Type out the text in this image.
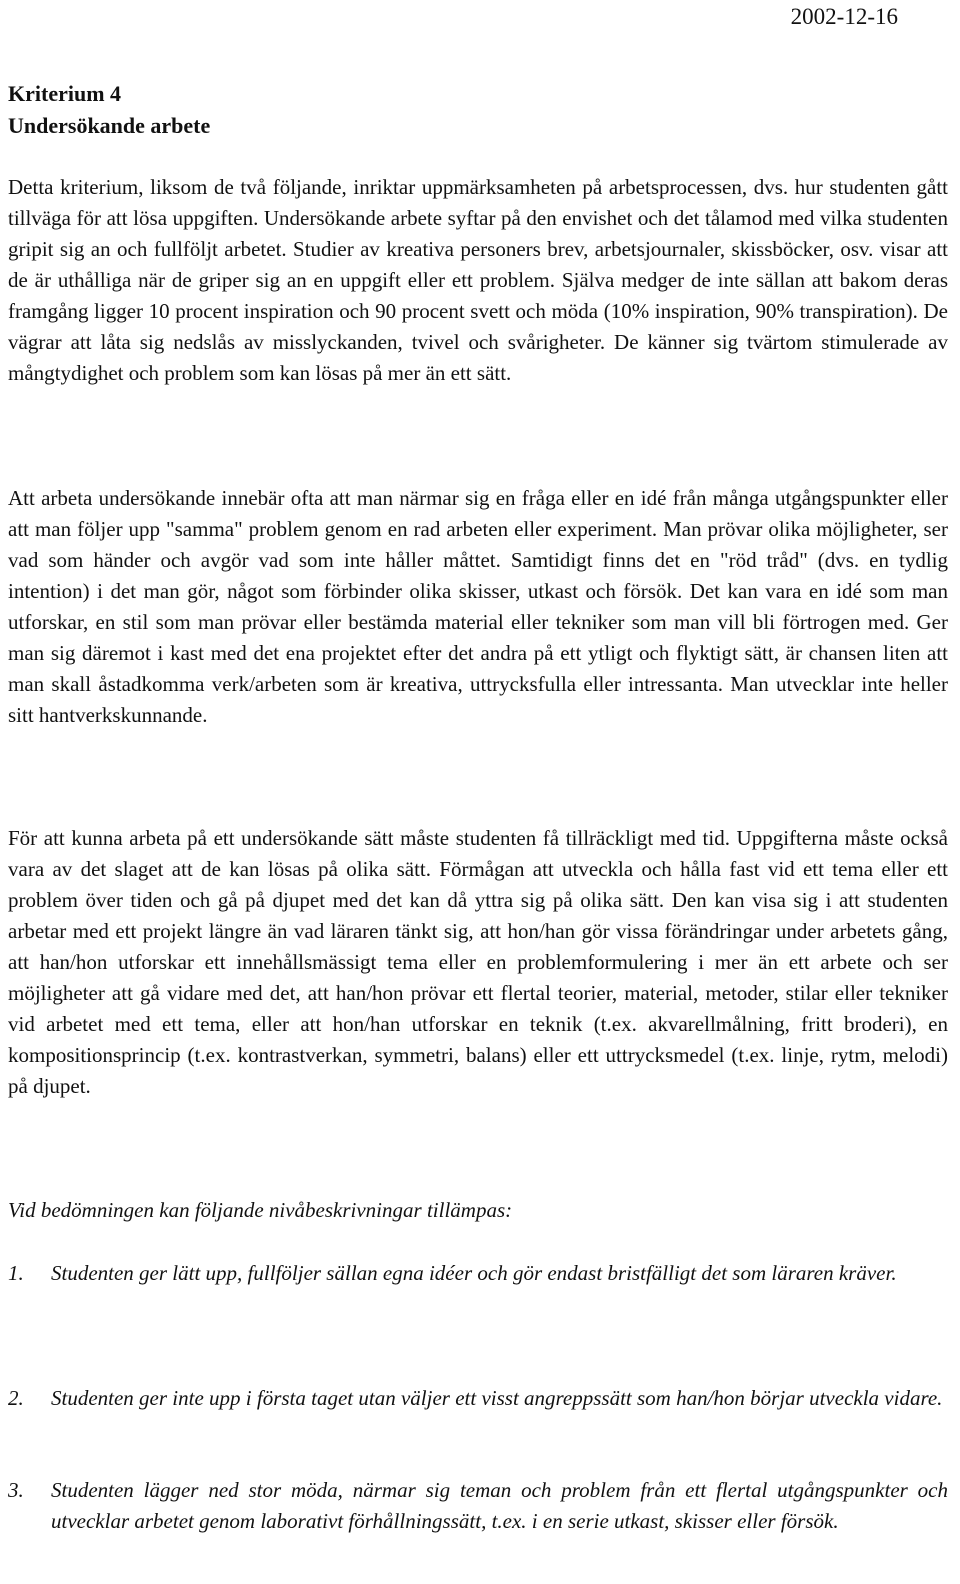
2002-12-16
Kriterium 4
Undersökande arbete

Detta kriterium, liksom de två följande, inriktar uppmärksamheten på arbetsprocessen, dvs. hur studenten gått tillväga för att lösa uppgiften. Undersökande arbete syftar på den envishet och det tålamod med vilka studenten gripit sig an och fullföljt arbetet. Studier av kreativa personers brev, arbetsjournaler, skissböcker, osv. visar att de är uthålliga när de griper sig an en uppgift eller ett problem. Själva medger de inte sällan att bakom deras framgång ligger 10 procent inspiration och 90 procent svett och möda (10% inspiration, 90% transpiration). De vägrar att låta sig nedslås av misslyckanden, tvivel och svårigheter. De känner sig tvärtom stimulerade av mångtydighet och problem som kan lösas på mer än ett sätt.

Att arbeta undersökande innebär ofta att man närmar sig en fråga eller en idé från många utgångspunkter eller att man följer upp "samma" problem genom en rad arbeten eller experiment. Man prövar olika möjligheter, ser vad som händer och avgör vad som inte håller måttet. Samtidigt finns det en "röd tråd" (dvs. en tydlig intention) i det man gör, något som förbinder olika skisser, utkast och försök. Det kan vara en idé som man utforskar, en stil som man prövar eller bestämda material eller tekniker som man vill bli förtrogen med. Ger man sig däremot i kast med det ena projektet efter det andra på ett ytligt och flyktigt sätt, är chansen liten att man skall åstadkomma verk/arbeten som är kreativa, uttrycksfulla eller intressanta. Man utvecklar inte heller sitt hantverkskunnande.

För att kunna arbeta på ett undersökande sätt måste studenten få tillräckligt med tid. Uppgifterna måste också vara av det slaget att de kan lösas på olika sätt. Förmågan att utveckla och hålla fast vid ett tema eller ett problem över tiden och gå på djupet med det kan då yttra sig på olika sätt. Den kan visa sig i att studenten arbetar med ett projekt längre än vad läraren tänkt sig, att hon/han gör vissa förändringar under arbetets gång, att han/hon utforskar ett innehållsmässigt tema eller en problemformulering i mer än ett arbete och ser möjligheter att gå vidare med det, att han/hon prövar ett flertal teorier, material, metoder, stilar eller tekniker vid arbetet med ett tema, eller att hon/han utforskar en teknik (t.ex. akvarellmålning, fritt broderi), en kompositionsprincip (t.ex. kontrastverkan, symmetri, balans) eller ett uttrycksmedel (t.ex. linje, rytm, melodi) på djupet.

Vid bedömningen kan följande nivåbeskrivningar tillämpas:
1. Studenten ger lätt upp, fullföljer sällan egna idéer och gör endast bristfälligt det som läraren kräver.
2. Studenten ger inte upp i första taget utan väljer ett visst angreppssätt som han/hon börjar utveckla vidare.
3. Studenten lägger ned stor möda, närmar sig teman och problem från ett flertal utgångspunkter och utvecklar arbetet genom laborativt förhållningssätt, t.ex. i en serie utkast, skisser eller försök.
